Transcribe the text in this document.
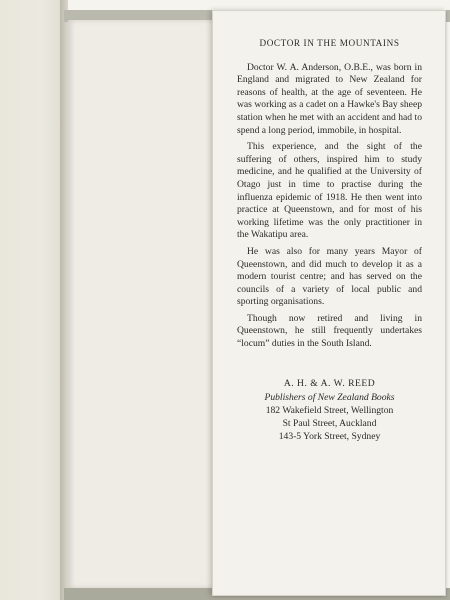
DOCTOR IN THE MOUNTAINS

Doctor W. A. Anderson, O.B.E., was born in England and migrated to New Zealand for reasons of health, at the age of seventeen. He was working as a cadet on a Hawke's Bay sheep station when he met with an accident and had to spend a long period, immobile, in hospital.

This experience, and the sight of the suffering of others, inspired him to study medicine, and he qualified at the University of Otago just in time to practise during the influenza epidemic of 1918. He then went into practice at Queenstown, and for most of his working lifetime was the only practitioner in the Wakatipu area.

He was also for many years Mayor of Queenstown, and did much to develop it as a modern tourist centre; and has served on the councils of a variety of local public and sporting organisations.

Though now retired and living in Queenstown, he still frequently undertakes “locum” duties in the South Island.

A. H. & A. W. REED
Publishers of New Zealand Books
182 Wakefield Street, Wellington
St Paul Street, Auckland
143-5 York Street, Sydney
